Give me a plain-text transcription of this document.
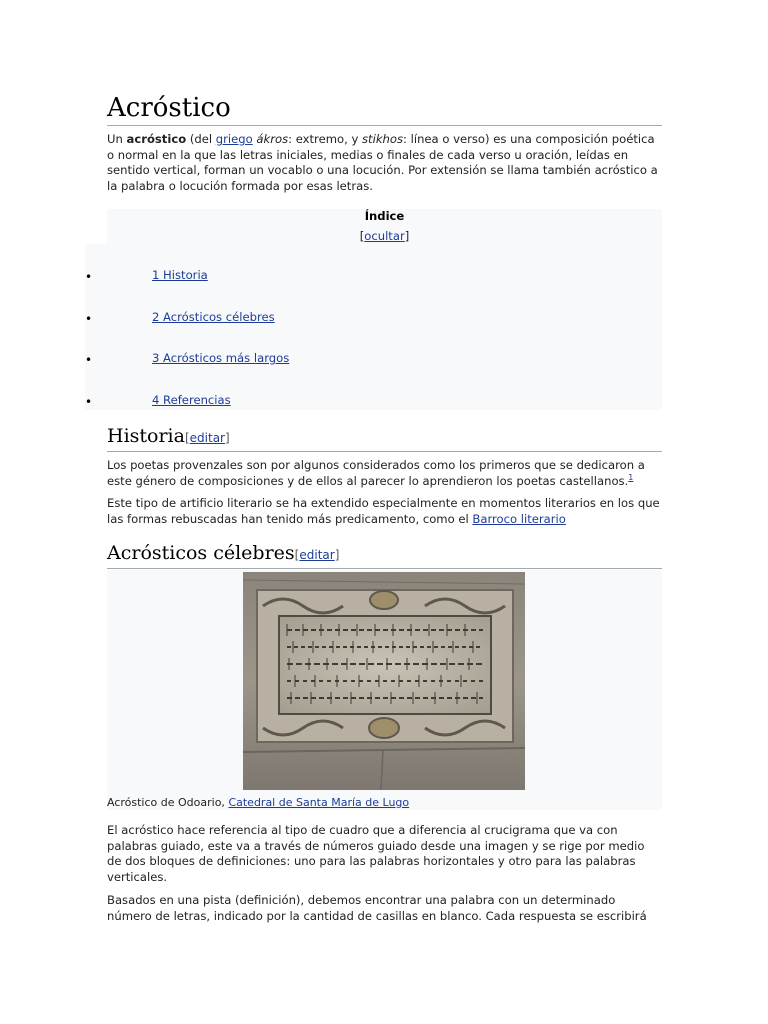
Acróstico

Un acróstico (del griego ákros: extremo, y stikhos: línea o verso) es una composición poética o normal en la que las letras iniciales, medias o finales de cada verso u oración, leídas en sentido vertical, forman un vocablo o una locución. Por extensión se llama también acróstico a la palabra o locución formada por esas letras.

Índice
[ocultar]
•	1 Historia
•	2 Acrósticos célebres
•	3 Acrósticos más largos
•	4 Referencias
Historia[editar]

Los poetas provenzales son por algunos considerados como los primeros que se dedicaron a este género de composiciones y de ellos al parecer lo aprendieron los poetas castellanos.$^1$

Este tipo de artificio literario se ha extendido especialmente en momentos literarios en los que las formas rebuscadas han tenido más predicamento, como el Barroco literario

Acrósticos célebres[editar]
Acróstico de Odoario, Catedral de Santa María de Lugo

El acróstico hace referencia al tipo de cuadro que a diferencia al crucigrama que va con palabras guiado, este va a través de números guiado desde una imagen y se rige por medio de dos bloques de definiciones: uno para las palabras horizontales y otro para las palabras verticales.

Basados en una pista (definición), debemos encontrar una palabra con un determinado número de letras, indicado por la cantidad de casillas en blanco. Cada respuesta se escribirá
